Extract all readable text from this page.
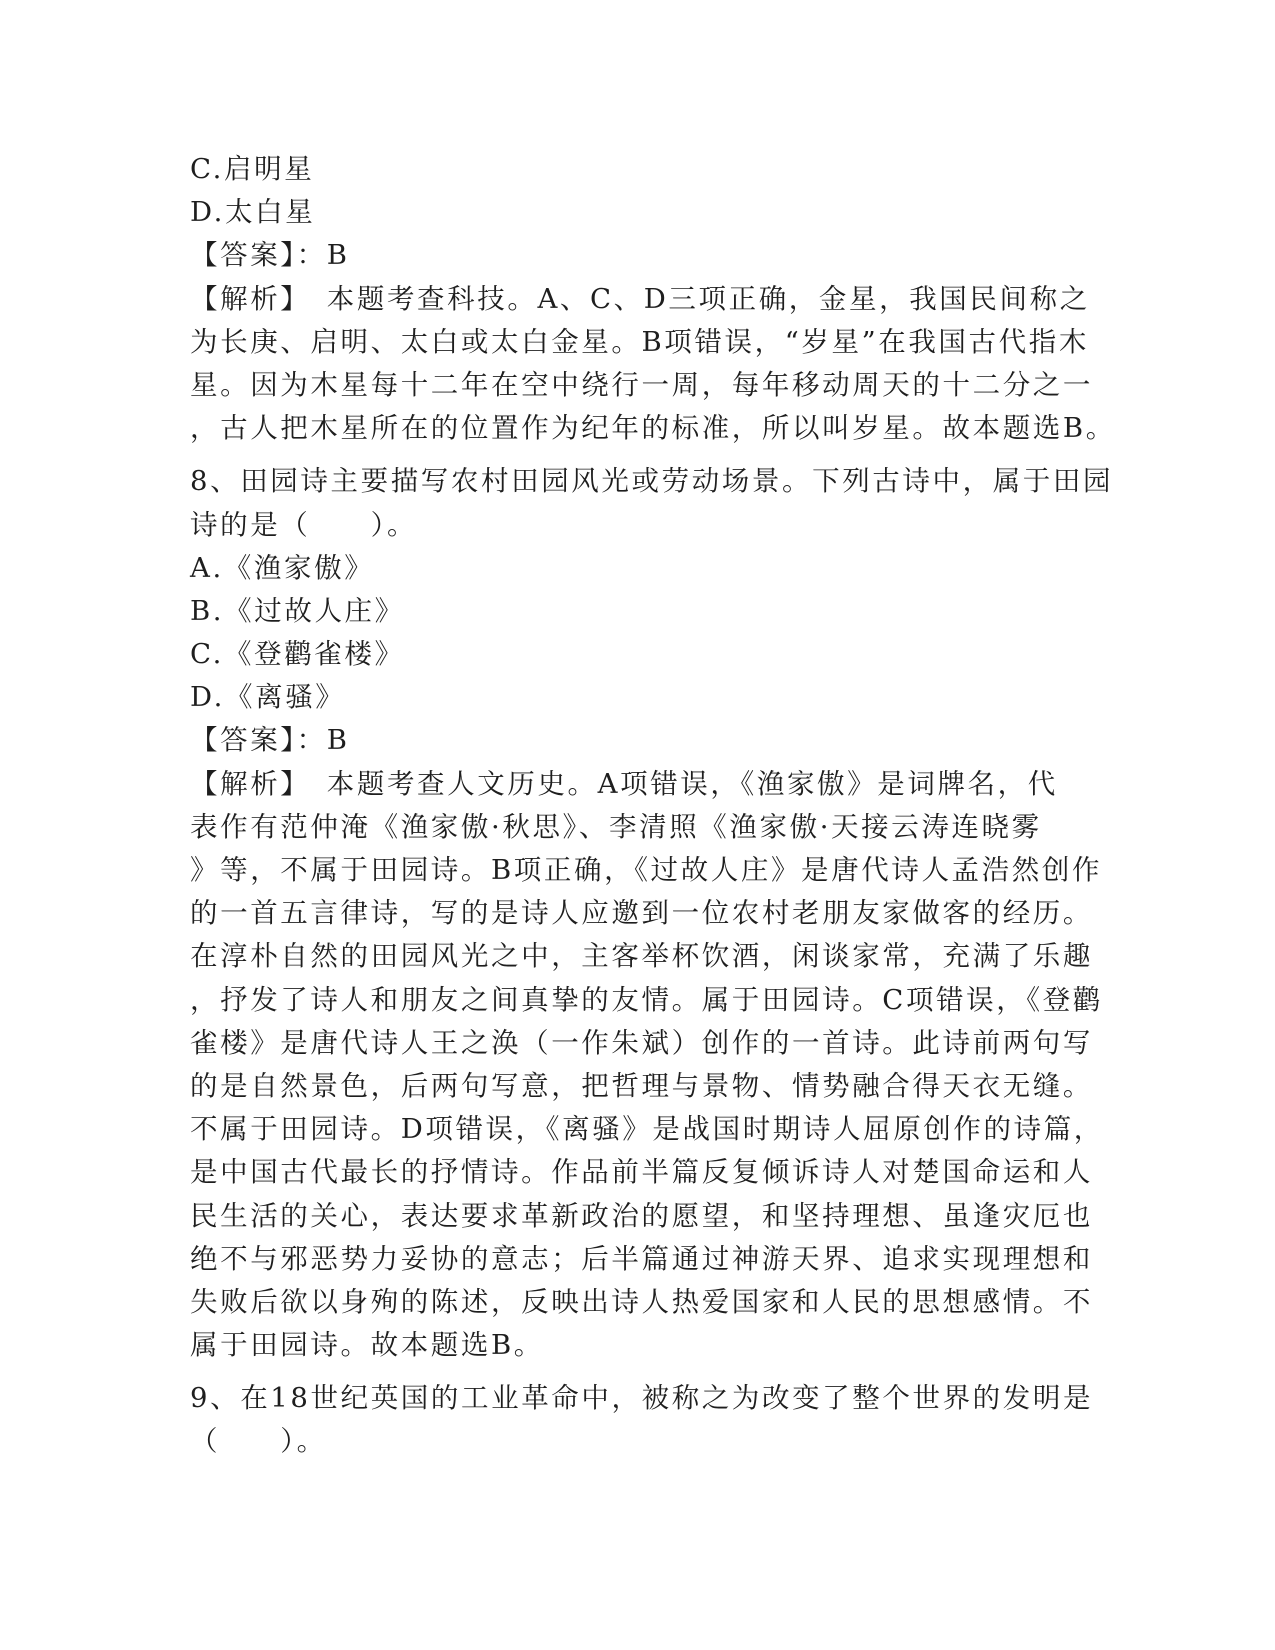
C.启明星
D.太白星
【答案】：B
【解析】　本题考查科技。A、C、D三项正确，金星，我国民间称之
为长庚、启明、太白或太白金星。B项错误，“岁星”在我国古代指木
星。因为木星每十二年在空中绕行一周，每年移动周天的十二分之一
，古人把木星所在的位置作为纪年的标准，所以叫岁星。故本题选B。
8、田园诗主要描写农村田园风光或劳动场景。下列古诗中，属于田园
诗的是（　　）。
A.《渔家傲》
B.《过故人庄》
C.《登鹳雀楼》
D.《离骚》
【答案】：B
【解析】　本题考查人文历史。A项错误，《渔家傲》是词牌名，代
表作有范仲淹《渔家傲·秋思》、李清照《渔家傲·天接云涛连晓雾
》等，不属于田园诗。B项正确，《过故人庄》是唐代诗人孟浩然创作
的一首五言律诗，写的是诗人应邀到一位农村老朋友家做客的经历。
在淳朴自然的田园风光之中，主客举杯饮酒，闲谈家常，充满了乐趣
，抒发了诗人和朋友之间真挚的友情。属于田园诗。C项错误，《登鹳
雀楼》是唐代诗人王之涣（一作朱斌）创作的一首诗。此诗前两句写
的是自然景色，后两句写意，把哲理与景物、情势融合得天衣无缝。
不属于田园诗。D项错误，《离骚》是战国时期诗人屈原创作的诗篇，
是中国古代最长的抒情诗。作品前半篇反复倾诉诗人对楚国命运和人
民生活的关心，表达要求革新政治的愿望，和坚持理想、虽逢灾厄也
绝不与邪恶势力妥协的意志；后半篇通过神游天界、追求实现理想和
失败后欲以身殉的陈述，反映出诗人热爱国家和人民的思想感情。不
属于田园诗。故本题选B。
9、在18世纪英国的工业革命中，被称之为改变了整个世界的发明是
（　　）。
